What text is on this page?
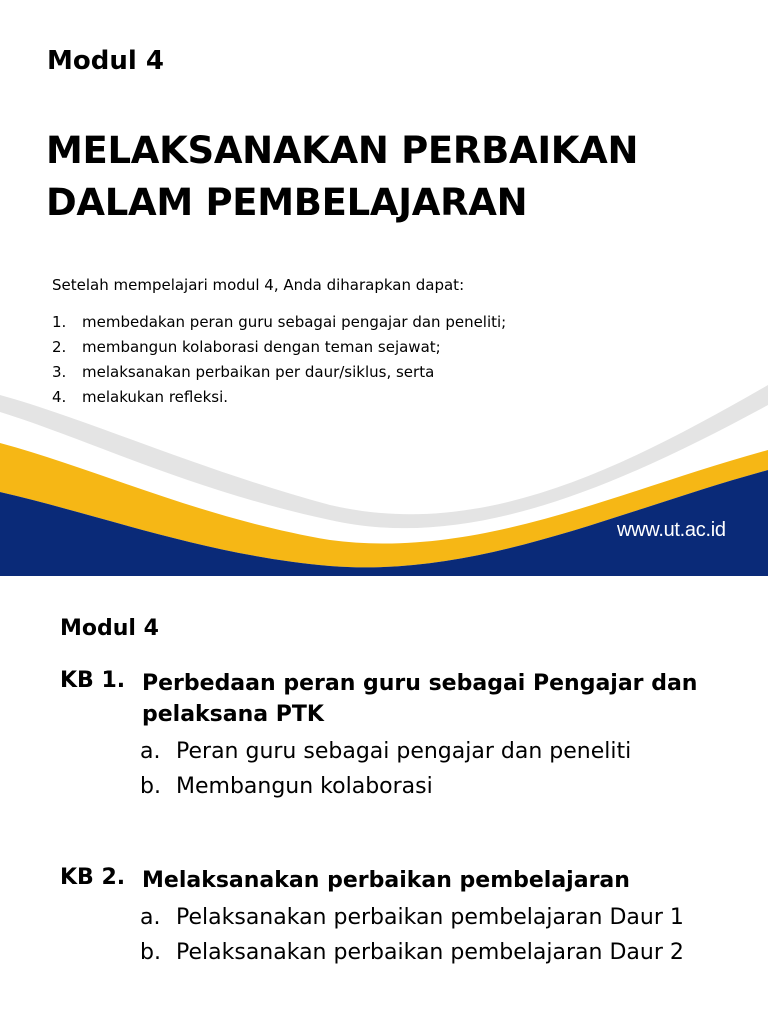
Modul 4
MELAKSANAKAN PERBAIKAN
DALAM PEMBELAJARAN
Setelah mempelajari modul 4, Anda diharapkan dapat:
1.	membedakan peran guru sebagai pengajar dan peneliti;
2.	membangun kolaborasi dengan teman sejawat;
3.	melaksanakan perbaikan per daur/siklus, serta
4.	melakukan refleksi.
www.ut.ac.id
Modul 4
KB 1. Perbedaan peran guru sebagai Pengajar dan pelaksana PTK
a. Peran guru sebagai pengajar dan peneliti
b. Membangun kolaborasi
KB 2. Melaksanakan perbaikan pembelajaran
a. Pelaksanakan perbaikan pembelajaran Daur 1
b. Pelaksanakan perbaikan pembelajaran Daur 2
